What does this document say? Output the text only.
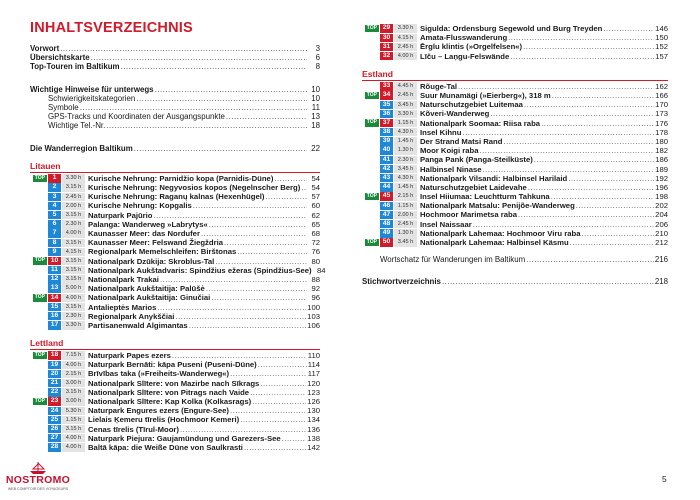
INHALTSVERZEICHNIS
Vorwort .....	3
Übersichtskarte .....	6
Top-Touren im Baltikum .....	8
Wichtige Hinweise für unterwegs .....	10
Schwierigkeitskategorien .....	10
Symbole .....	11
GPS-Tracks und Koordinaten der Ausgangspunkte .....	13
Wichtige Tel.-Nr. .....	18
Die Wanderregion Baltikum .....	22
Litauen
TOP	1	3.30 h Kurische Nehrung: Parnidžio kopa (Parnidis-Düne) .....	54
2	3.15 h Kurische Nehrung: Negyvosios kopos (Negelnscher Berg) .....	54
3	2.45 h Kurische Nehrung: Raganų kalnas (Hexenhügel) .....	57
4	2.00 h Kurische Nehrung: Kopgalis .....	60
5	3.15 h Naturpark Pajūrio .....	62
6	2.30 h Palanga: Wanderweg »Labrytys« .....	65
7	4.00 h Kaunasser Meer: das Nordufer .....	68
8	3.15 h Kaunasser Meer: Felswand Žiegždria .....	72
9	4.15 h Regionalpark Memelschleifen: Birštonas .....	76
TOP 10	3.15 h Nationalpark Dzūkija: Skroblus-Tal .....	80
11	3.15 h Nationalpark Aukštadvaris: Spindžius ežeras (Spindžius-See) 84
12	3.15 h Nationalpark Trakai .....	88
13	5.00 h Nationalpark Aukštaitija: Palūšė .....	92
TOP 14	4.00 h Nationalpark Aukštaitija: Ginučiai .....	96
15	3.15 h Antalieptės Marios .....	100
16	2.30 h Regionalpark Anykščiai .....	103
17	3.30 h Partisanenwald Algimantas .....	106
Lettland
TOP 18	7.15 h Naturpark Papes ezers .....	110
19	4.00 h Naturpark Bernāti: kāpa Puseni (Puseni-Düne) .....	114
20	2.15 h Brīvības taka (»Freiheits-Wanderweg«) .....	117
21	3.00 h Nationalpark Slītere: von Mazirbe nach Sīkrags .....	120
22	3.15 h Nationalpark Slītere: von Pitrags nach Vaide .....	123
TOP 23	3.00 h Nationalpark Slītere: Kap Kolka (Kolkasrags) .....	126
24	5.30 h Naturpark Engures ezers (Engure-See) .....	130
25	1.15 h Lielais Ķemeru tīrelis (Hochmoor Kemeri) .....	134
26	3.15 h Cenas tīrelis (Tīrul-Moor) .....	136
27	4.00 h Naturpark Piejura: Gaujamündung und Garezers-See .....	138
28	4.00 h Baltā kāpa: die Weiße Düne von Saulkrasti .....	142
TOP 29	3.30 h Sigulda: Ordensburg Segewold und Burg Treyden .....	146
30	4.15 h Amata-Flusswanderung .....	150
31	2.45 h Ērglu klintis (»Orgelfelsen«) .....	152
32	4.00 h Līču – Laņgu-Felswände .....	157
Estland
33	4.45 h Rõuge-Tal .....	162
TOP 34	2.45 h Suur Munamägi (»Eierberg«), 318 m .....	166
35	3.45 h Naturschutzgebiet Luitemaa .....	170
36	3.30 h Kõveri-Wanderweg .....	173
TOP 37	1.15 h Nationalpark Soomaa: Riisa raba .....	176
38	4.30 h Insel Kihnu .....	178
39	1.45 h Der Strand Matsi Rand .....	180
40	1.30 h Moor Koigi raba .....	182
41	2.30 h Panga Pank (Panga-Steilküste) .....	186
42	3.45 h Halbinsel Ninase .....	189
43	4.30 h Nationalpark Vilsandi: Halbinsel Harilaid .....	192
44	1.45 h Naturschutzgebiet Laidevahe .....	196
TOP 45	2.15 h Insel Hiiumaa: Leuchtturm Tahkuna .....	198
46	1.15 h Nationalpark Matsalu: Penijõe-Wanderweg .....	202
47	2.00 h Hochmoor Marimetsa raba .....	204
48	2.45 h Insel Naissaar .....	206
49	1.30 h Nationalpark Lahemaa: Hochmoor Viru raba .....	210
TOP 50	3.45 h Nationalpark Lahemaa: Halbinsel Käsmu .....	212
Wortschatz für Wanderungen im Baltikum .....	216
Stichwortverzeichnis .....	218
NOSTROMO
WEB COMPTOIR DES VOYAGEURS
5
